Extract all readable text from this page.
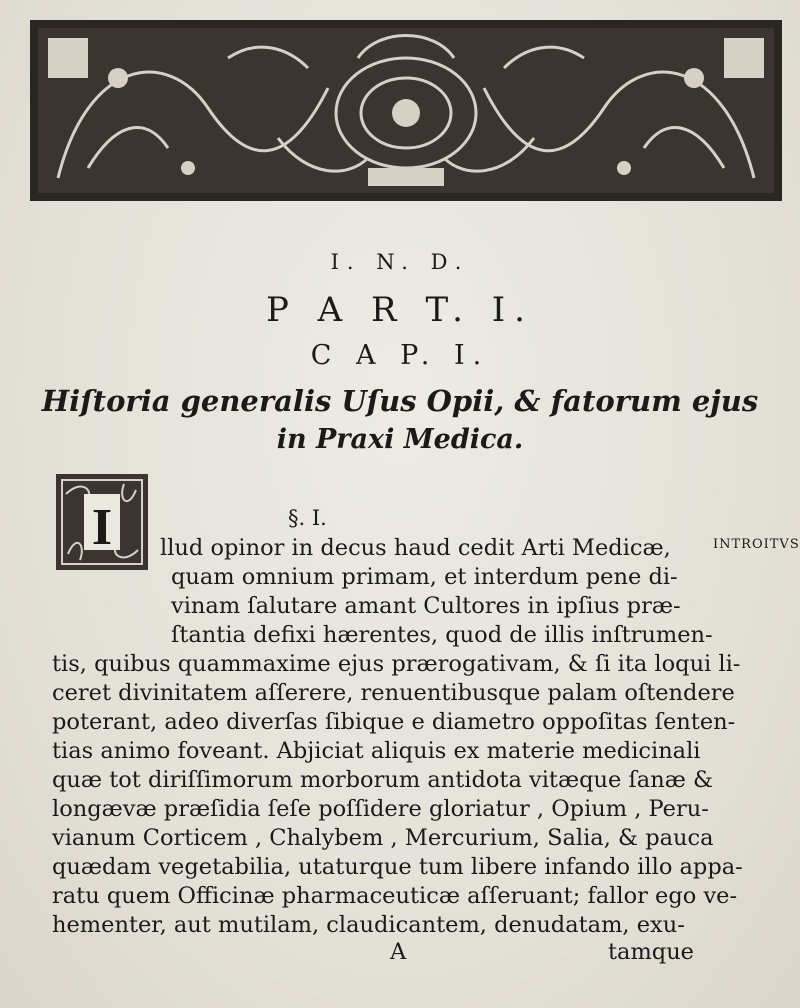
I. N. D.
P A R T. I.
C A P. I.
Hiſtoria generalis Uſus Opii, & fatorum ejus
in Praxi Medica.
I	§. I.
INTROITVS
llud opinor in decus haud cedit Arti Medicæ,
quam omnium primam, et interdum pene di-
vinam ſalutare amant Cultores in ipſius præ-
ſtantia defixi hærentes, quod de illis inſtrumen-
tis, quibus quammaxime ejus prærogativam, & ſi ita loqui li-
ceret divinitatem aſſerere, renuentibusque palam oſtendere
poterant, adeo diverſas ſibique e diametro oppoſitas ſenten-
tias animo foveant. Abjiciat aliquis ex materie medicinali
quæ tot diriſſimorum morborum antidota vitæque ſanæ &
longævæ præſidia ſeſe poſſidere gloriatur , Opium , Peru-
vianum Corticem , Chalybem , Mercurium, Salia, & pauca
quædam vegetabilia, utaturque tum libere infando illo appa-
ratu quem Officinæ pharmaceuticæ aſſeruant; fallor ego ve-
hementer, aut mutilam, claudicantem, denudatam, exu-
A	tamque
